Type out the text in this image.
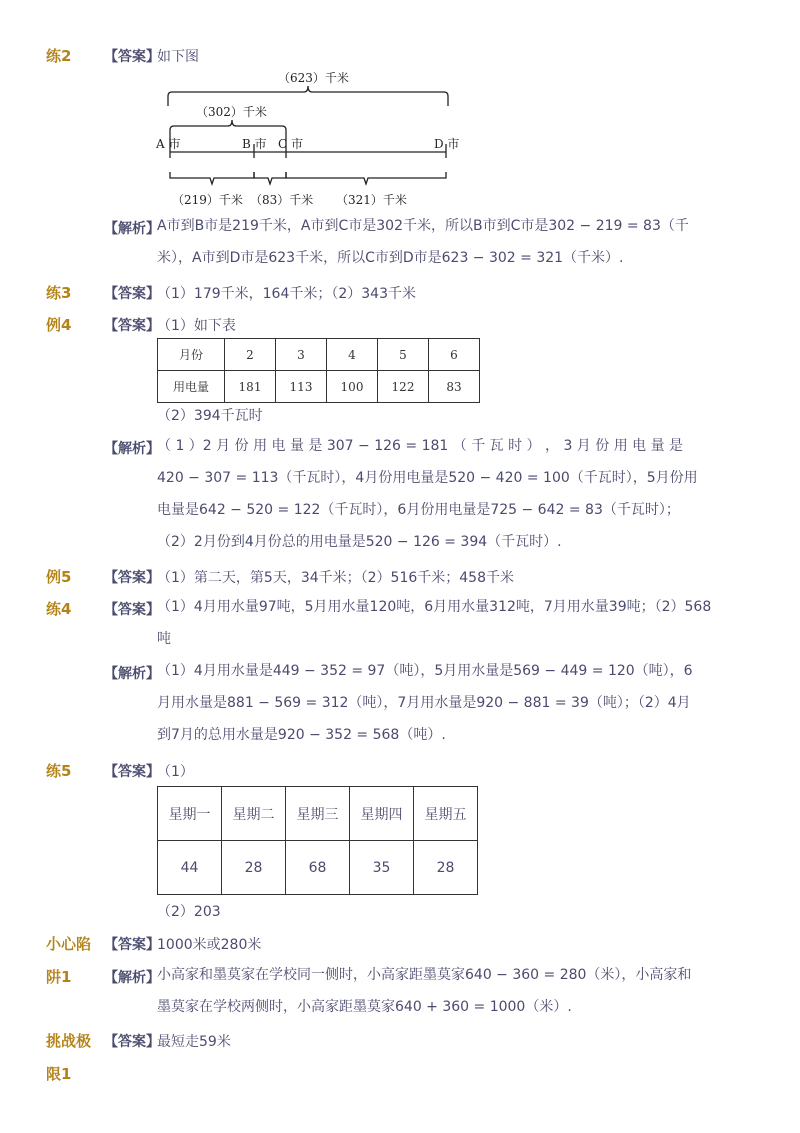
练2 【答案】
如下图
（623）千米
（302）千米
A 市	B 市 C 市	D 市
（219）千米 （83）千米 （321）千米
【解析】
A市到B市是219千米，A市到C市是302千米，所以B市到C市是302 − 219 = 83（千
米），A市到D市是623千米，所以C市到D市是623 − 302 = 321（千米）.
练3 【答案】
（1）179千米，164千米；（2）343千米
例4 【答案】
（1）如下表
月份	2	3	4	5	6
用电量	181	113	100	122	83
（2）394千瓦时
【解析】
（ 1 ）2 月 份 用 电 量 是 307 − 126 = 181 （ 千 瓦 时 ） ， 3 月 份 用 电 量 是
420 − 307 = 113（千瓦时），4月份用电量是520 − 420 = 100（千瓦时），5月份用
电量是642 − 520 = 122（千瓦时），6月份用电量是725 − 642 = 83（千瓦时）；
（2）2月份到4月份总的用电量是520 − 126 = 394（千瓦时）.
例5 【答案】
（1）第二天，第5天，34千米；（2）516千米；458千米
练4 【答案】
（1）4月用水量97吨，5月用水量120吨，6月用水量312吨，7月用水量39吨；（2）568
吨
【解析】
（1）4月用水量是449 − 352 = 97（吨），5月用水量是569 − 449 = 120（吨），6
月用水量是881 − 569 = 312（吨），7月用水量是920 − 881 = 39（吨）；（2）4月
到7月的总用水量是920 − 352 = 568（吨）.
练5 【答案】
（1）
星期一	星期二	星期三	星期四	星期五
44	28	68	35	28
（2）203
小心陷 【答案】
1000米或280米
阱1 【解析】
小高家和墨莫家在学校同一侧时，小高家距墨莫家640 − 360 = 280（米），小高家和
墨莫家在学校两侧时，小高家距墨莫家640 + 360 = 1000（米）.
挑战极 【答案】
最短走59米
限1
